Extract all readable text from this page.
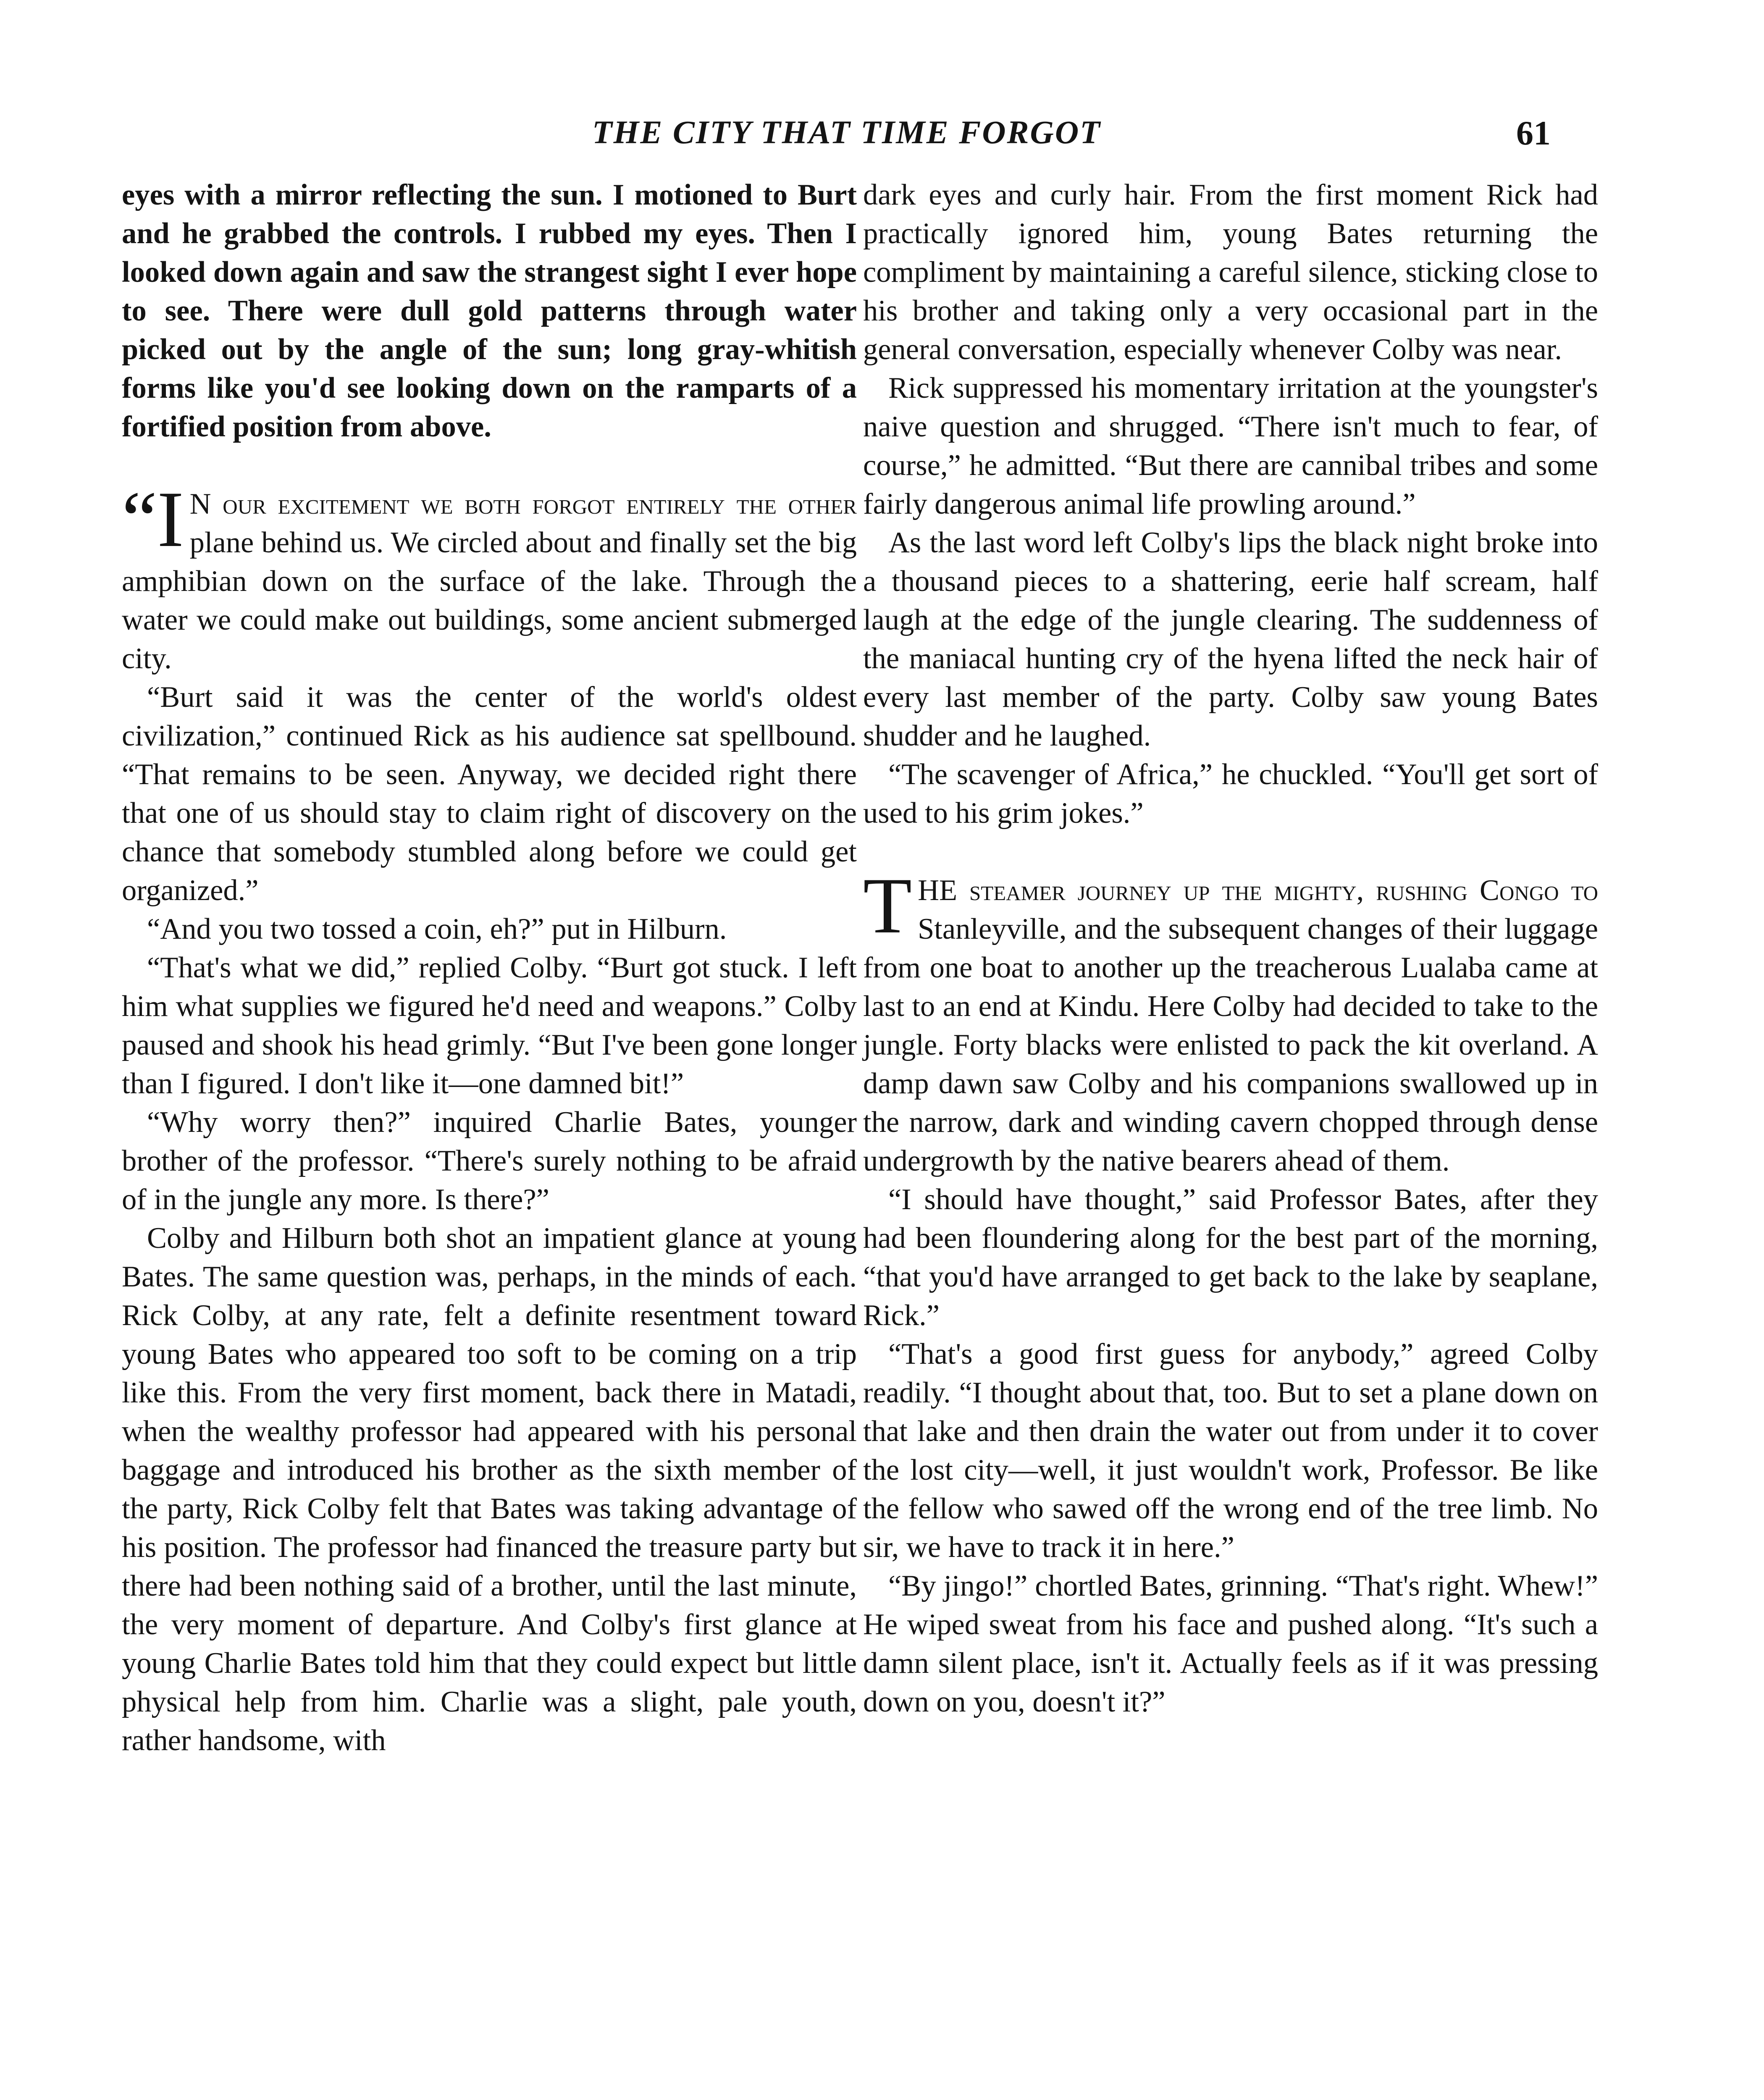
THE CITY THAT TIME FORGOT	61

eyes with a mirror reflecting the sun. I motioned to Burt and he grabbed the controls. I rubbed my eyes. Then I looked down again and saw the strangest sight I ever hope to see. There were dull gold patterns through water picked out by the angle of the sun; long gray-whitish forms like you'd see looking down on the ramparts of a fortified position from above.

“I N our excitement we both forgot entirely the other plane behind us. We circled about and finally set the big amphibian down on the surface of the lake. Through the water we could make out buildings, some ancient submerged city.

“Burt said it was the center of the world's oldest civilization,” continued Rick as his audience sat spellbound. “That remains to be seen. Anyway, we decided right there that one of us should stay to claim right of discovery on the chance that somebody stumbled along before we could get organized.”

“And you two tossed a coin, eh?” put in Hilburn.

“That's what we did,” replied Colby. “Burt got stuck. I left him what supplies we figured he'd need and weapons.” Colby paused and shook his head grimly. “But I've been gone longer than I figured. I don't like it—one damned bit!”

“Why worry then?” inquired Charlie Bates, younger brother of the professor. “There's surely nothing to be afraid of in the jungle any more. Is there?”

Colby and Hilburn both shot an impatient glance at young Bates. The same question was, perhaps, in the minds of each. Rick Colby, at any rate, felt a definite resentment toward young Bates who appeared too soft to be coming on a trip like this. From the very first moment, back there in Matadi, when the wealthy professor had appeared with his personal baggage and introduced his brother as the sixth member of the party, Rick Colby felt that Bates was taking advantage of his position. The professor had financed the treasure party but there had been nothing said of a brother, until the last minute, the very moment of departure. And Colby's first glance at young Charlie Bates told him that they could expect but little physical help from him. Charlie was a slight, pale youth, rather handsome, with

dark eyes and curly hair. From the first moment Rick had practically ignored him, young Bates returning the compliment by maintaining a careful silence, sticking close to his brother and taking only a very occasional part in the general conversation, especially whenever Colby was near.

Rick suppressed his momentary irritation at the youngster's naive question and shrugged. “There isn't much to fear, of course,” he admitted. “But there are cannibal tribes and some fairly dangerous animal life prowling around.”

As the last word left Colby's lips the black night broke into a thousand pieces to a shattering, eerie half scream, half laugh at the edge of the jungle clearing. The suddenness of the maniacal hunting cry of the hyena lifted the neck hair of every last member of the party. Colby saw young Bates shudder and he laughed.

“The scavenger of Africa,” he chuckled. “You'll get sort of used to his grim jokes.”

THE steamer journey up the mighty, rushing Congo to Stanleyville, and the subsequent changes of their luggage from one boat to another up the treacherous Lualaba came at last to an end at Kindu. Here Colby had decided to take to the jungle. Forty blacks were enlisted to pack the kit overland. A damp dawn saw Colby and his companions swallowed up in the narrow, dark and winding cavern chopped through dense undergrowth by the native bearers ahead of them.

“I should have thought,” said Professor Bates, after they had been floundering along for the best part of the morning, “that you'd have arranged to get back to the lake by seaplane, Rick.”

“That's a good first guess for anybody,” agreed Colby readily. “I thought about that, too. But to set a plane down on that lake and then drain the water out from under it to cover the lost city—well, it just wouldn't work, Professor. Be like the fellow who sawed off the wrong end of the tree limb. No sir, we have to track it in here.”

“By jingo!” chortled Bates, grinning. “That's right. Whew!” He wiped sweat from his face and pushed along. “It's such a damn silent place, isn't it. Actually feels as if it was pressing down on you, doesn't it?”
